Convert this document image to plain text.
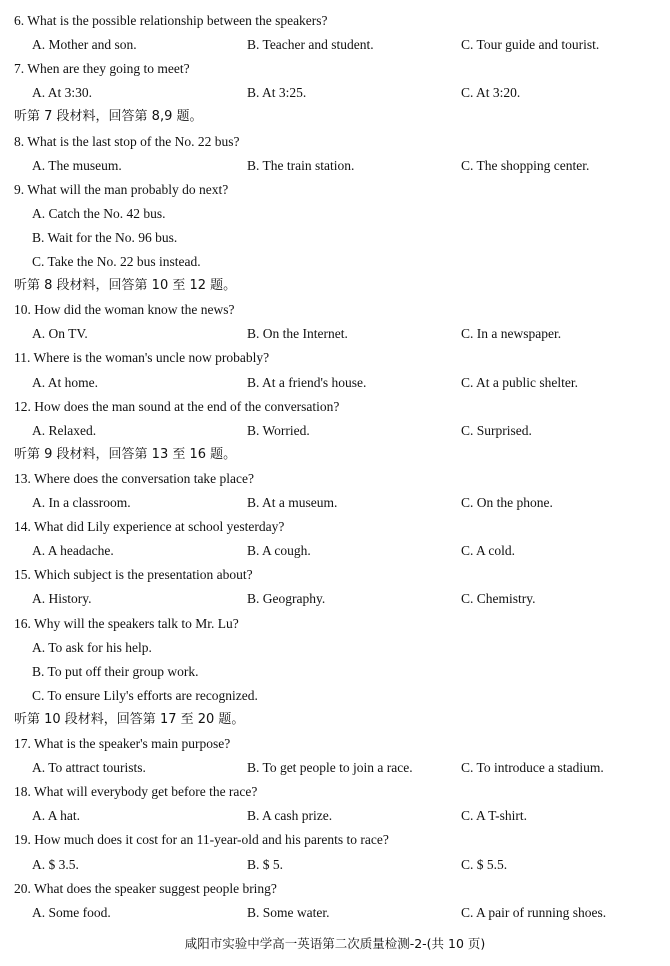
6. What is the possible relationship between the speakers?
A. Mother and son.	B. Teacher and student.	C. Tour guide and tourist.
7. When are they going to meet?
A. At 3:30.	B. At 3:25.	C. At 3:20.
听第 7 段材料，回答第 8,9 题。
8. What is the last stop of the No. 22 bus?
A. The museum.	B. The train station.	C. The shopping center.
9. What will the man probably do next?
A. Catch the No. 42 bus.
B. Wait for the No. 96 bus.
C. Take the No. 22 bus instead.
听第 8 段材料，回答第 10 至 12 题。
10. How did the woman know the news?
A. On TV.	B. On the Internet.	C. In a newspaper.
11. Where is the woman's uncle now probably?
A. At home.	B. At a friend's house.	C. At a public shelter.
12. How does the man sound at the end of the conversation?
A. Relaxed.	B. Worried.	C. Surprised.
听第 9 段材料，回答第 13 至 16 题。
13. Where does the conversation take place?
A. In a classroom.	B. At a museum.	C. On the phone.
14. What did Lily experience at school yesterday?
A. A headache.	B. A cough.	C. A cold.
15. Which subject is the presentation about?
A. History.	B. Geography.	C. Chemistry.
16. Why will the speakers talk to Mr. Lu?
A. To ask for his help.
B. To put off their group work.
C. To ensure Lily's efforts are recognized.
听第 10 段材料，回答第 17 至 20 题。
17. What is the speaker's main purpose?
A. To attract tourists.	B. To get people to join a race.	C. To introduce a stadium.
18. What will everybody get before the race?
A. A hat.	B. A cash prize.	C. A T-shirt.
19. How much does it cost for an 11-year-old and his parents to race?
A. $ 3.5.	B. $ 5.	C. $ 5.5.
20. What does the speaker suggest people bring?
A. Some food.	B. Some water.	C. A pair of running shoes.
咸阳市实验中学高一英语第二次质量检测-2-(共 10 页)
